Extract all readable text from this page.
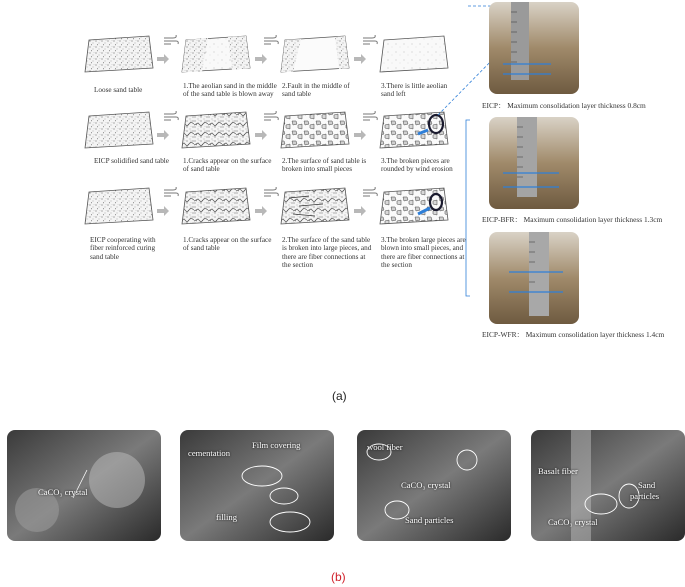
Loose sand table	1.The aeolian sand in the middle of the sand table is blown away
2.Fault in the middle of sand table
3.There is little aeolian sand left
EICP solidified sand table	1.Cracks appear on the surface of sand table
2.The surface of sand table is broken into small pieces
3.The broken pieces are rounded by wind erosion
EICP cooperating with fiber reinforced curing sand table
1.Cracks appear on the surface of sand table
2.The surface of the sand table is broken into large pieces, and there are fiber connections at the section
3.The broken large pieces are blown into small pieces, and there are fiber connections at the section
EICP： Maximum consolidation layer thickness 0.8cm
EICP-BFR： Maximum consolidation layer thickness 1.3cm
EICP-WFR： Maximum consolidation layer thickness 1.4cm
(a)
CaCO₃ crystal
cementation
Film covering
filling
wool fiber
CaCO₃ crystal
Sand particles
Basalt fiber
Sand
particles
CaCO₃ crystal
(b)
